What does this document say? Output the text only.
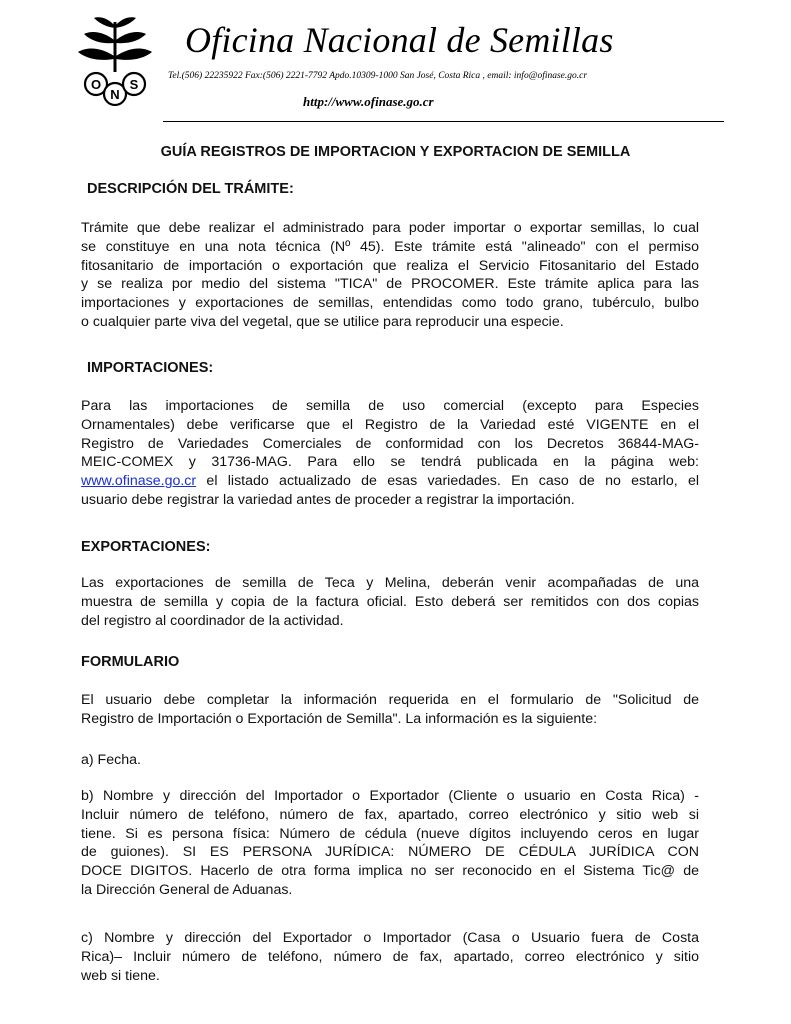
O
N
S
Oficina Nacional de Semillas
Tel.(506) 22235922 Fax:(506) 2221-7792 Apdo.10309-1000 San José, Costa Rica , email: info@ofinase.go.cr
http://www.ofinase.go.cr
GUÍA REGISTROS DE IMPORTACION Y EXPORTACION DE SEMILLA
DESCRIPCIÓN DEL TRÁMITE:
Trámite que debe realizar el administrado para poder importar o exportar semillas, lo cual
se constituye en una nota técnica (Nº 45). Este trámite está "alineado" con el permiso
fitosanitario de importación o exportación que realiza el Servicio Fitosanitario del Estado
y se realiza por medio del sistema "TICA" de PROCOMER. Este trámite aplica para las
importaciones y exportaciones de semillas, entendidas como todo grano, tubérculo, bulbo
o cualquier parte viva del vegetal, que se utilice para reproducir una especie.
IMPORTACIONES:
Para las importaciones de semilla de uso comercial (excepto para Especies
Ornamentales) debe verificarse que el Registro de la Variedad esté VIGENTE en el
Registro de Variedades Comerciales de conformidad con los Decretos 36844-MAG-
MEIC-COMEX y 31736-MAG. Para ello se tendrá publicada en la página web:
www.ofinase.go.cr el listado actualizado de esas variedades. En caso de no estarlo, el
usuario debe registrar la variedad antes de proceder a registrar la importación.
EXPORTACIONES:
Las exportaciones de semilla de Teca y Melina, deberán venir acompañadas de una
muestra de semilla y copia de la factura oficial. Esto deberá ser remitidos con dos copias
del registro al coordinador de la actividad.
FORMULARIO
El usuario debe completar la información requerida en el formulario de "Solicitud de
Registro de Importación o Exportación de Semilla". La información es la siguiente:
a) Fecha.
b) Nombre y dirección del Importador o Exportador (Cliente o usuario en Costa Rica) -
Incluir número de teléfono, número de fax, apartado, correo electrónico y sitio web si
tiene. Si es persona física: Número de cédula (nueve dígitos incluyendo ceros en lugar
de guiones). SI ES PERSONA JURÍDICA: NÚMERO DE CÉDULA JURÍDICA CON
DOCE DIGITOS. Hacerlo de otra forma implica no ser reconocido en el Sistema Tic@ de
la Dirección General de Aduanas.
c) Nombre y dirección del Exportador o Importador (Casa o Usuario fuera de Costa
Rica)– Incluir número de teléfono, número de fax, apartado, correo electrónico y sitio
web si tiene.
